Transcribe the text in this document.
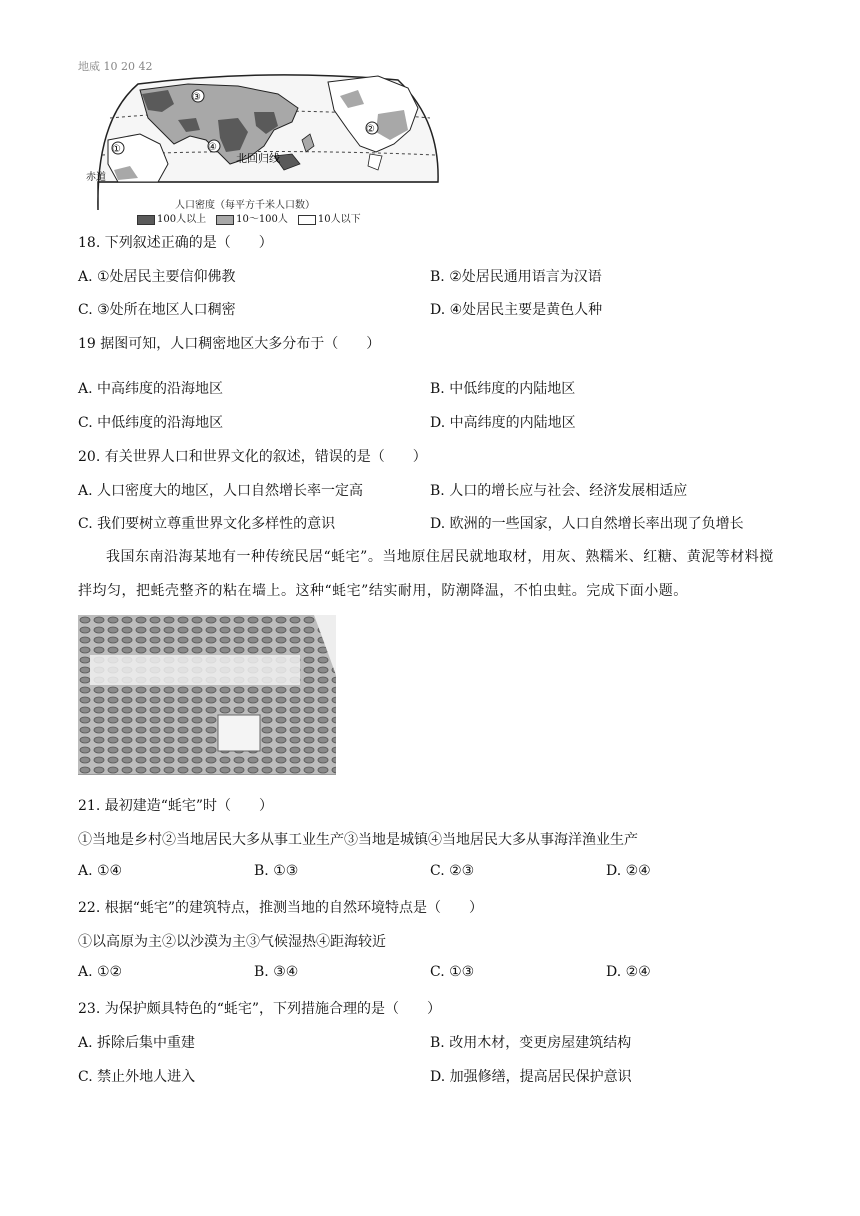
地威 10 20 42
①
②
③
④
北回归线
赤道
人口密度（每平方千米人口数）
100人以上	10～100人	10人以下
18. 下列叙述正确的是（　　）
A. ①处居民主要信仰佛教	B. ②处居民通用语言为汉语
C. ③处所在地区人口稠密	D. ④处居民主要是黄色人种
19 据图可知，人口稠密地区大多分布于（　　）
A. 中高纬度的沿海地区	B. 中低纬度的内陆地区
C. 中低纬度的沿海地区	D. 中高纬度的内陆地区
20. 有关世界人口和世界文化的叙述，错误的是（　　）
A. 人口密度大的地区，人口自然增长率一定高	B. 人口的增长应与社会、经济发展相适应
C. 我们要树立尊重世界文化多样性的意识	D. 欧洲的一些国家，人口自然增长率出现了负增长
我国东南沿海某地有一种传统民居“蚝宅”。当地原住居民就地取材，用灰、熟糯米、红糖、黄泥等材料搅拌均匀，把蚝壳整齐的粘在墙上。这种“蚝宅”结实耐用，防潮降温，不怕虫蛀。完成下面小题。
21. 最初建造“蚝宅”时（　　）
①当地是乡村②当地居民大多从事工业生产③当地是城镇④当地居民大多从事海洋渔业生产
A. ①④	B. ①③	C. ②③	D. ②④
22. 根据“蚝宅”的建筑特点，推测当地的自然环境特点是（　　）
①以高原为主②以沙漠为主③气候湿热④距海较近
A. ①②	B. ③④	C. ①③	D. ②④
23. 为保护颇具特色的“蚝宅”，下列措施合理的是（　　）
A. 拆除后集中重建	B. 改用木材，变更房屋建筑结构
C. 禁止外地人进入	D. 加强修缮，提高居民保护意识
